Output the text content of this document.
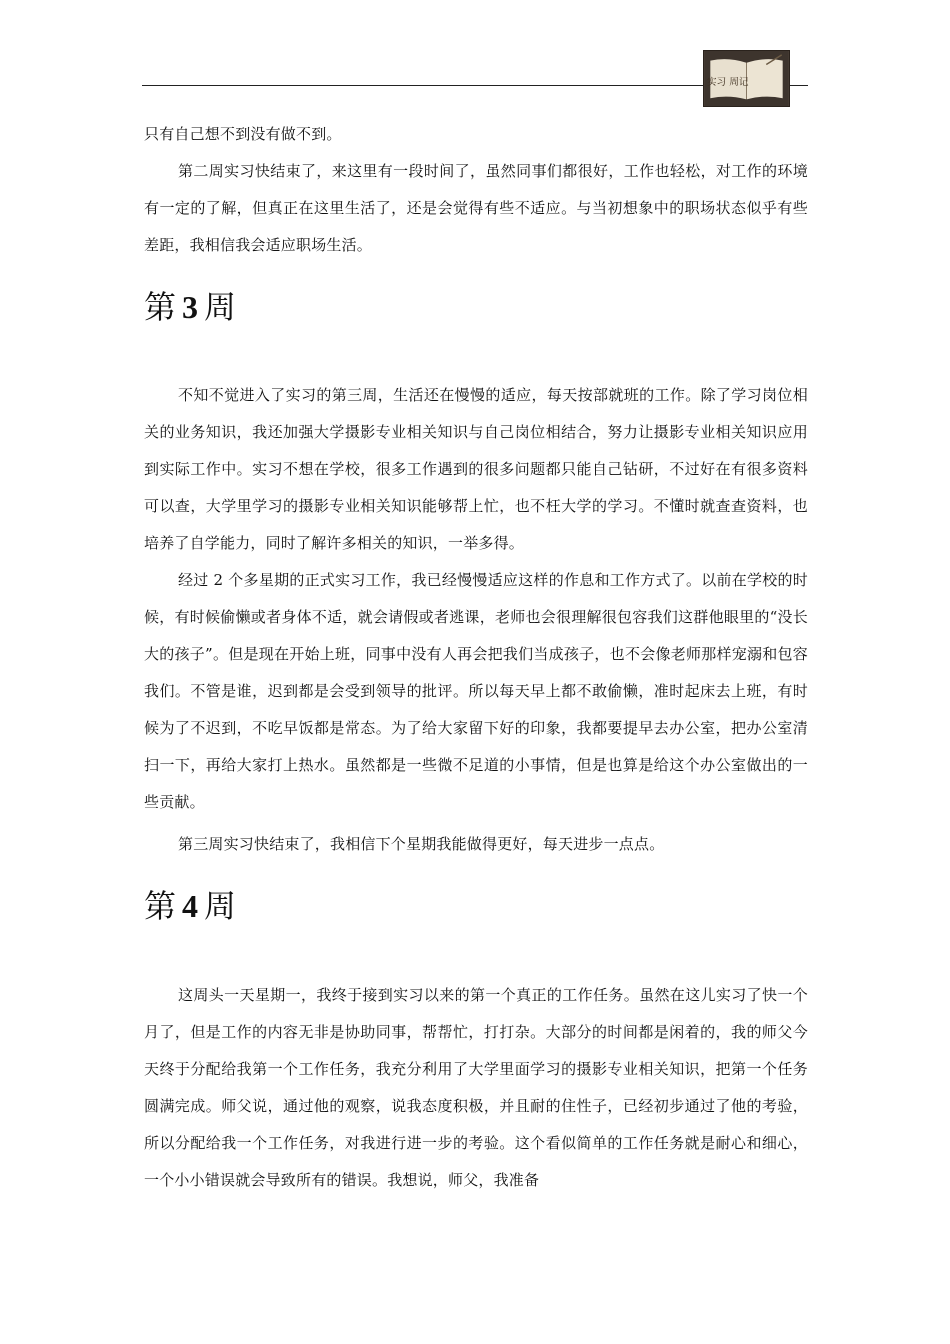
实习 周记

只有自己想不到没有做不到。

第二周实习快结束了，来这里有一段时间了，虽然同事们都很好，工作也轻松，对工作的环境有一定的了解，但真正在这里生活了，还是会觉得有些不适应。与当初想象中的职场状态似乎有些差距，我相信我会适应职场生活。

第 3 周

不知不觉进入了实习的第三周，生活还在慢慢的适应，每天按部就班的工作。除了学习岗位相关的业务知识，我还加强大学摄影专业相关知识与自己岗位相结合，努力让摄影专业相关知识应用到实际工作中。实习不想在学校，很多工作遇到的很多问题都只能自己钻研，不过好在有很多资料可以查，大学里学习的摄影专业相关知识能够帮上忙，也不枉大学的学习。不懂时就查查资料，也培养了自学能力，同时了解许多相关的知识，一举多得。

经过 2 个多星期的正式实习工作，我已经慢慢适应这样的作息和工作方式了。以前在学校的时候，有时候偷懒或者身体不适，就会请假或者逃课，老师也会很理解很包容我们这群他眼里的“没长大的孩子”。但是现在开始上班，同事中没有人再会把我们当成孩子，也不会像老师那样宠溺和包容我们。不管是谁，迟到都是会受到领导的批评。所以每天早上都不敢偷懒，准时起床去上班，有时候为了不迟到，不吃早饭都是常态。为了给大家留下好的印象，我都要提早去办公室，把办公室清扫一下，再给大家打上热水。虽然都是一些微不足道的小事情，但是也算是给这个办公室做出的一些贡献。

第三周实习快结束了，我相信下个星期我能做得更好，每天进步一点点。

第 4 周

这周头一天星期一，我终于接到实习以来的第一个真正的工作任务。虽然在这儿实习了快一个月了，但是工作的内容无非是协助同事，帮帮忙，打打杂。大部分的时间都是闲着的，我的师父今天终于分配给我第一个工作任务，我充分利用了大学里面学习的摄影专业相关知识，把第一个任务圆满完成。师父说，通过他的观察，说我态度积极，并且耐的住性子，已经初步通过了他的考验，所以分配给我一个工作任务，对我进行进一步的考验。这个看似简单的工作任务就是耐心和细心，一个小小错误就会导致所有的错误。我想说，师父，我准备
